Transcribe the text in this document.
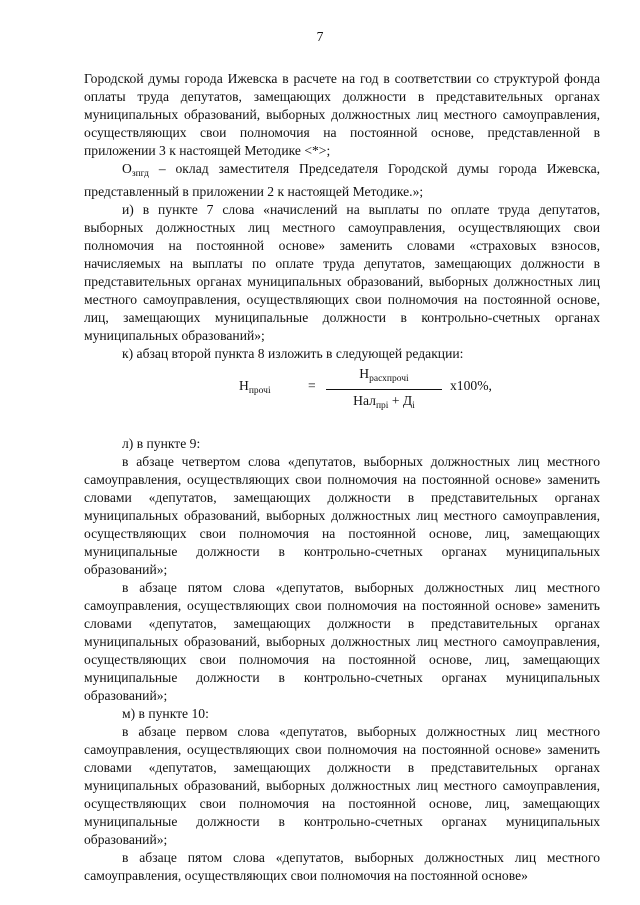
7

Городской думы города Ижевска в расчете на год в соответствии со структурой фонда оплаты труда депутатов, замещающих должности в представительных органах муниципальных образований, выборных должностных лиц местного самоуправления, осуществляющих свои полномочия на постоянной основе, представленной в приложении 3 к настоящей Методике <*>;

$О_{зпгд}$ – оклад заместителя Председателя Городской думы города Ижевска, представленный в приложении 2 к настоящей Методике.»;

и) в пункте 7 слова «начислений на выплаты по оплате труда депутатов, выборных должностных лиц местного самоуправления, осуществляющих свои полномочия на постоянной основе» заменить словами «страховых взносов, начисляемых на выплаты по оплате труда депутатов, замещающих должности в представительных органах муниципальных образований, выборных должностных лиц местного самоуправления, осуществляющих свои полномочия на постоянной основе, лиц, замещающих муниципальные должности в контрольно-счетных органах муниципальных образований»;

к) абзац второй пункта 8 изложить в следующей редакции:

$Н_{прочі}$	=
$Н_{расхпрочі}$
$Нал_{прі} + Д_i$
x100%,

л) в пункте 9:

в абзаце четвертом слова «депутатов, выборных должностных лиц местного самоуправления, осуществляющих свои полномочия на постоянной основе» заменить словами «депутатов, замещающих должности в представительных органах муниципальных образований, выборных должностных лиц местного самоуправления, осуществляющих свои полномочия на постоянной основе, лиц, замещающих муниципальные должности в контрольно-счетных органах муниципальных образований»;

в абзаце пятом слова «депутатов, выборных должностных лиц местного самоуправления, осуществляющих свои полномочия на постоянной основе» заменить словами «депутатов, замещающих должности в представительных органах муниципальных образований, выборных должностных лиц местного самоуправления, осуществляющих свои полномочия на постоянной основе, лиц, замещающих муниципальные должности в контрольно-счетных органах муниципальных образований»;

м) в пункте 10:

в абзаце первом слова «депутатов, выборных должностных лиц местного самоуправления, осуществляющих свои полномочия на постоянной основе» заменить словами «депутатов, замещающих должности в представительных органах муниципальных образований, выборных должностных лиц местного самоуправления, осуществляющих свои полномочия на постоянной основе, лиц, замещающих муниципальные должности в контрольно-счетных органах муниципальных образований»;

в абзаце пятом слова «депутатов, выборных должностных лиц местного самоуправления, осуществляющих свои полномочия на постоянной основе»
